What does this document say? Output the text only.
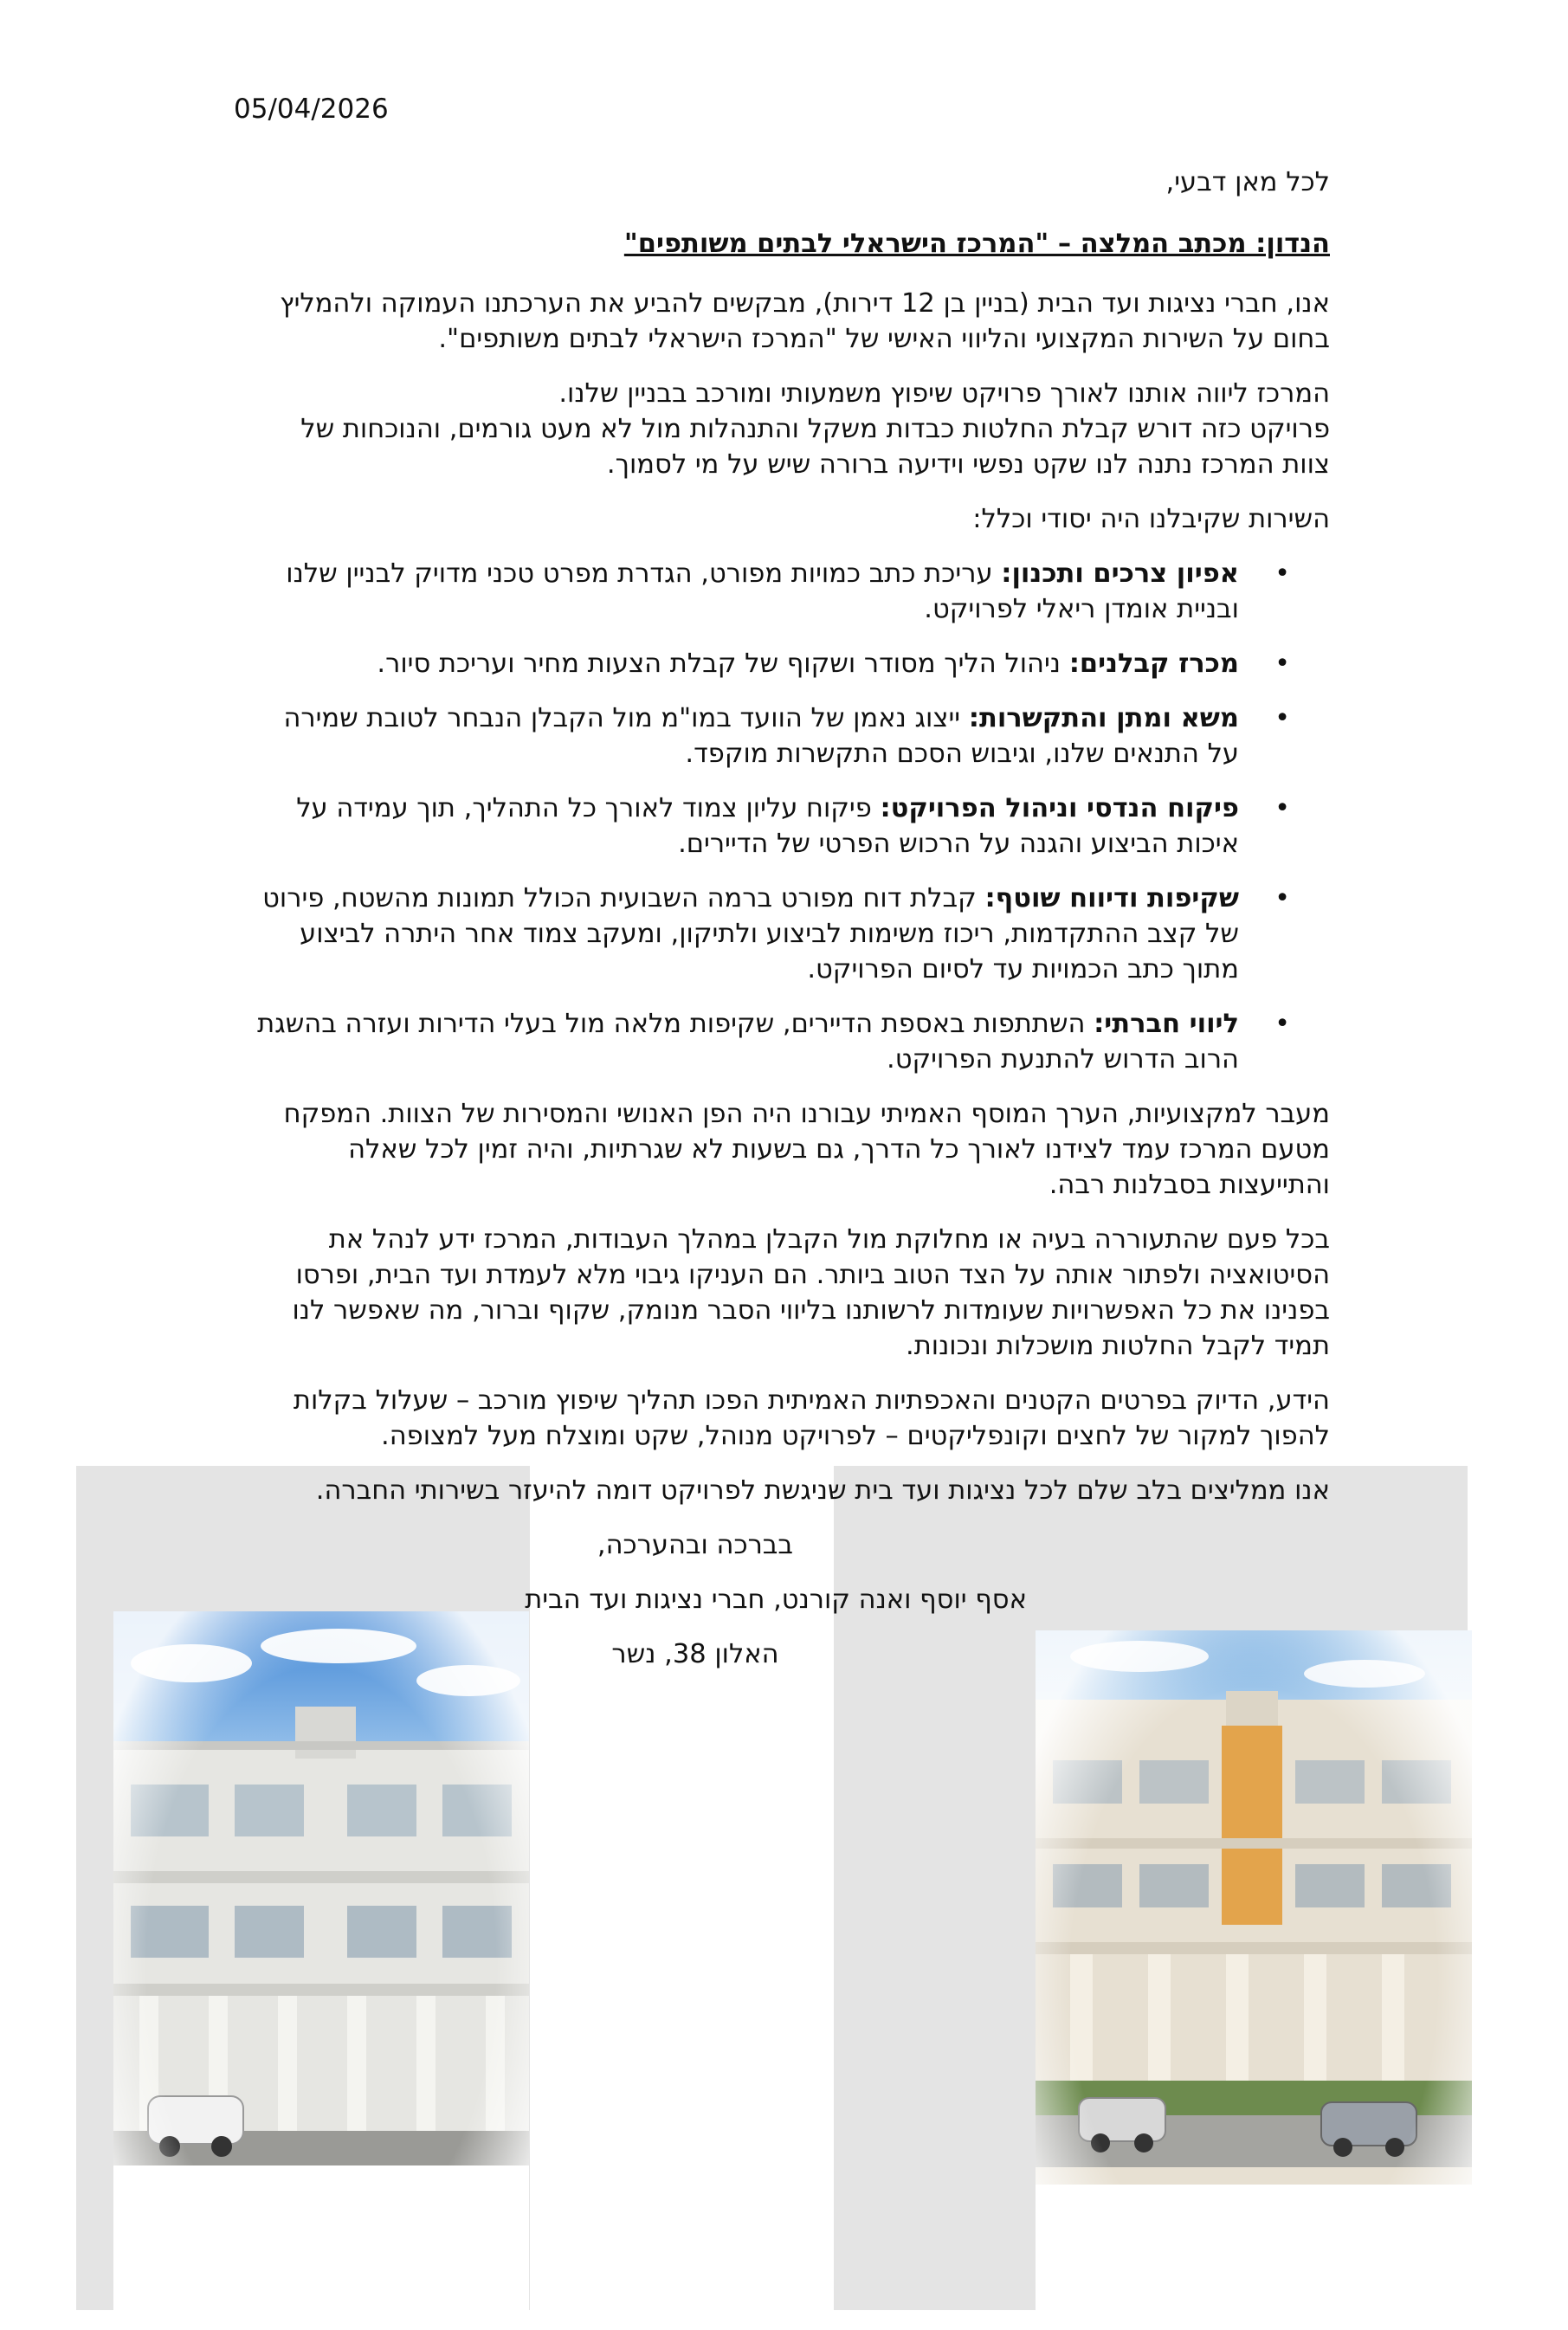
05/04/2026

לכל מאן דבעי,

הנדון: מכתב המלצה – "המרכז הישראלי לבתים משותפים"

אנו, חברי נציגות ועד הבית (בניין בן 12 דירות), מבקשים להביע את הערכתנו העמוקה ולהמליץ בחום על השירות המקצועי והליווי האישי של "המרכז הישראלי לבתים משותפים".

המרכז ליווה אותנו לאורך פרויקט שיפוץ משמעותי ומורכב בבניין שלנו.
פרויקט כזה דורש קבלת החלטות כבדות משקל והתנהלות מול לא מעט גורמים, והנוכחות של צוות המרכז נתנה לנו שקט נפשי וידיעה ברורה שיש על מי לסמוך.

השירות שקיבלנו היה יסודי וכלל:

•
אפיון צרכים ותכנון: עריכת כתב כמויות מפורט, הגדרת מפרט טכני מדויק לבניין שלנו ובניית אומדן ריאלי לפרויקט.
•
מכרז קבלנים: ניהול הליך מסודר ושקוף של קבלת הצעות מחיר ועריכת סיור.
•
משא ומתן והתקשרות: ייצוג נאמן של הוועד במו"מ מול הקבלן הנבחר לטובת שמירה על התנאים שלנו, וגיבוש הסכם התקשרות מוקפד.
•
פיקוח הנדסי וניהול הפרויקט: פיקוח עליון צמוד לאורך כל התהליך, תוך עמידה על איכות הביצוע והגנה על הרכוש הפרטי של הדיירים.
•
שקיפות ודיווח שוטף: קבלת דוח מפורט ברמה השבועית הכולל תמונות מהשטח, פירוט של קצב ההתקדמות, ריכוז משימות לביצוע ולתיקון, ומעקב צמוד אחר היתרה לביצוע מתוך כתב הכמויות עד לסיום הפרויקט.
•
ליווי חברתי: השתתפות באספת הדיירים, שקיפות מלאה מול בעלי הדירות ועזרה בהשגת הרוב הדרוש להתנעת הפרויקט.

מעבר למקצועיות, הערך המוסף האמיתי עבורנו היה הפן האנושי והמסירות של הצוות. המפקח מטעם המרכז עמד לצידנו לאורך כל הדרך, גם בשעות לא שגרתיות, והיה זמין לכל שאלה והתייעצות בסבלנות רבה.

בכל פעם שהתעוררה בעיה או מחלוקת מול הקבלן במהלך העבודות, המרכז ידע לנהל את הסיטואציה ולפתור אותה על הצד הטוב ביותר. הם העניקו גיבוי מלא לעמדת ועד הבית, ופרסו בפנינו את כל האפשרויות שעומדות לרשותנו בליווי הסבר מנומק, שקוף וברור, מה שאפשר לנו תמיד לקבל החלטות מושכלות ונכונות.

הידע, הדיוק בפרטים הקטנים והאכפתיות האמיתית הפכו תהליך שיפוץ מורכב – שעלול בקלות להפוך למקור של לחצים וקונפליקטים – לפרויקט מנוהל, שקט ומוצלח מעל למצופה.

אנו ממליצים בלב שלם לכל נציגות ועד בית שניגשת לפרויקט דומה להיעזר בשירותי החברה.

בברכה ובהערכה,

אסף יוסף ואנה קורנט, חברי נציגות ועד הבית

האלון 38, נשר
